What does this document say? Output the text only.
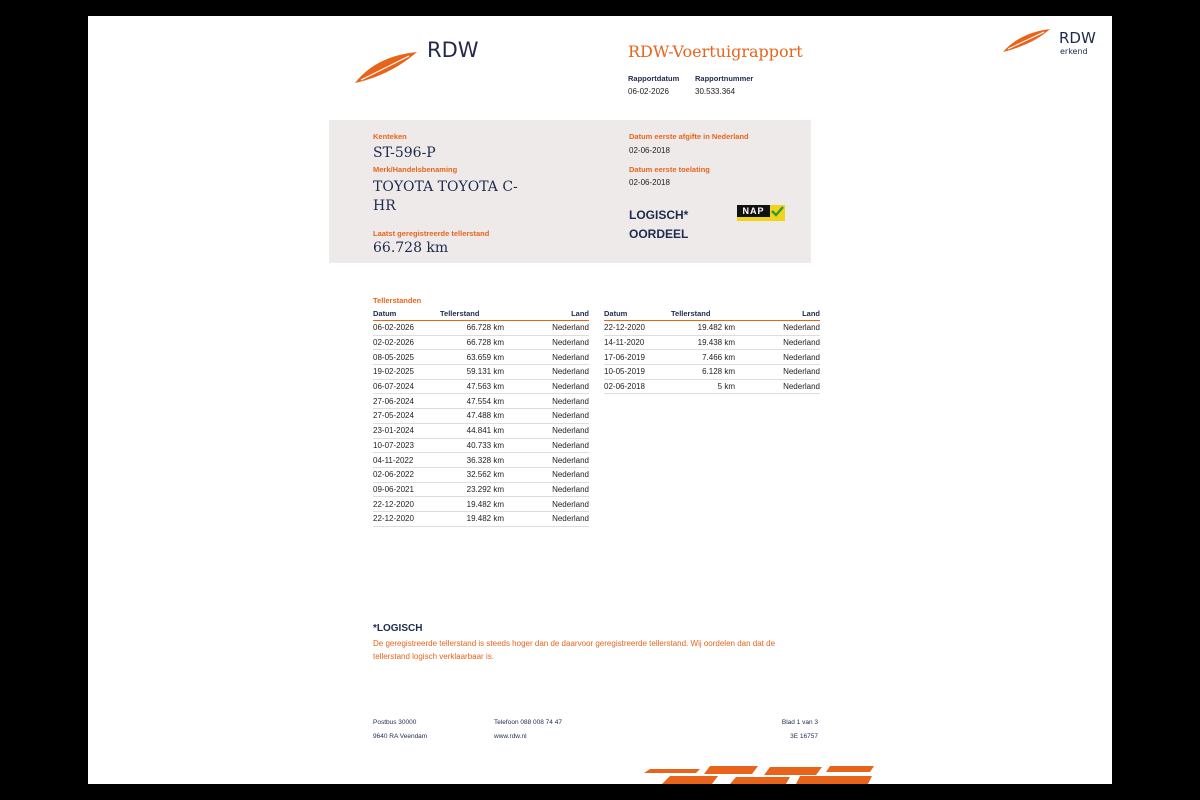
RDW	RDW-Voertuigrapport
Rapportdatum Rapportnummer
06-02-2026	30.533.364
RDW
erkend
Kenteken
ST-596-P
Merk/Handelsbenaming
TOYOTA TOYOTA C-
HR
Laatst geregistreerde tellerstand
66.728 km
Datum eerste afgifte in Nederland
02-06-2018
Datum eerste toelating
02-06-2018
LOGISCH*
OORDEEL
NAP
Tellerstanden
Datum	Tellerstand	Land
06-02-2026	66.728 km	Nederland
02-02-2026	66.728 km	Nederland
08-05-2025	63.659 km	Nederland
19-02-2025	59.131 km	Nederland
06-07-2024	47.563 km	Nederland
27-06-2024	47.554 km	Nederland
27-05-2024	47.488 km	Nederland
23-01-2024	44.841 km	Nederland
10-07-2023	40.733 km	Nederland
04-11-2022	36.328 km	Nederland
02-06-2022	32.562 km	Nederland
09-06-2021	23.292 km	Nederland
22-12-2020	19.482 km	Nederland
22-12-2020	19.482 km	Nederland
Datum	Tellerstand	Land
22-12-2020	19.482 km	Nederland
14-11-2020	19.438 km	Nederland
17-06-2019	7.466 km	Nederland
10-05-2019	6.128 km	Nederland
02-06-2018	5 km	Nederland
*LOGISCH
De geregistreerde tellerstand is steeds hoger dan de daarvoor geregistreerde tellerstand. Wij oordelen dan dat de
tellerstand logisch verklaarbaar is.
Postbus 30000
9640 RA Veendam
Telefoon 088 008 74 47
www.rdw.nl
Blad 1 van 3
3E 16757
